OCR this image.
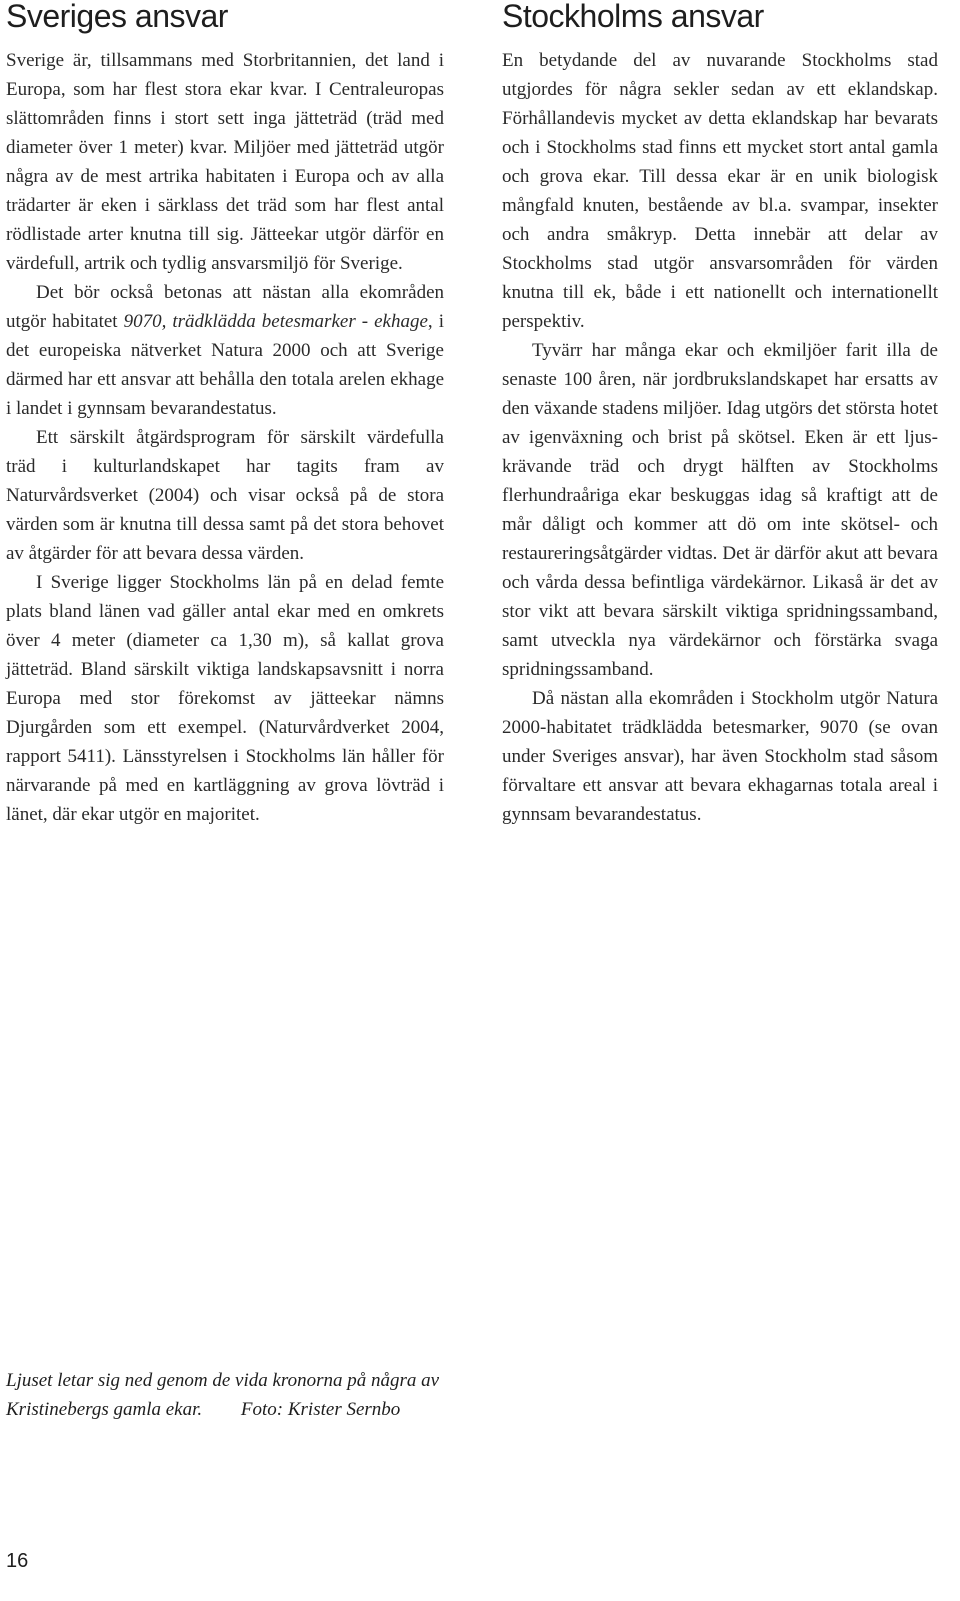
Sveriges ansvar

Sverige är, tillsammans med Storbritannien, det land i Europa, som har flest stora ekar kvar. I Centraleuropas slättområden finns i stort sett inga jätteträd (träd med diameter över 1 meter) kvar. Miljöer med jätteträd utgör några av de mest artrika habitaten i Europa och av alla trädarter är eken i särklass det träd som har flest antal rödlistade arter knutna till sig. Jätteekar utgör därför en värdefull, artrik och tydlig ansvarsmiljö för Sverige.

Det bör också betonas att nästan alla ekområden utgör habitatet 9070, trädklädda betesmarker - ekhage, i det europeiska nätverket Natura 2000 och att Sverige därmed har ett ansvar att behålla den totala arelen ekhage i landet i gynnsam bevarandestatus.

Ett särskilt åtgärdsprogram för särskilt värdefulla träd i kulturlandskapet har tagits fram av Naturvårdsverket (2004) och visar också på de stora värden som är knutna till dessa samt på det stora behovet av åtgärder för att bevara dessa värden.

I Sverige ligger Stockholms län på en delad femte plats bland länen vad gäller antal ekar med en omkrets över 4 meter (diameter ca 1,30 m), så kallat grova jätteträd. Bland särskilt viktiga landskapsavsnitt i norra Europa med stor förekomst av jätteekar nämns Djurgården som ett exempel. (Naturvårdverket 2004, rapport 5411). Länsstyrelsen i Stockholms län håller för närvarande på med en kartläggning av grova lövträd i länet, där ekar utgör en majoritet.

Stockholms ansvar

En betydande del av nuvarande Stockholms stad utgjordes för några sekler sedan av ett eklandskap. Förhållandevis mycket av detta eklandskap har bevarats och i Stockholms stad finns ett mycket stort antal gamla och grova ekar. Till dessa ekar är en unik biologisk mångfald knuten, bestående av bl.a. svampar, insekter och andra småkryp. Detta innebär att delar av Stockholms stad utgör ansvarsområden för värden knutna till ek, både i ett nationellt och internationellt perspektiv.

Tyvärr har många ekar och ekmiljöer farit illa de senaste 100 åren, när jordbrukslandskapet har ersatts av den växande stadens miljöer. Idag utgörs det största hotet av igenväxning och brist på skötsel. Eken är ett ljuskrävande träd och drygt hälften av Stockholms flerhundraåriga ekar beskuggas idag så kraftigt att de mår dåligt och kommer att dö om inte skötsel- och restaureringsåtgärder vidtas. Det är därför akut att bevara och vårda dessa befintliga värdekärnor. Likaså är det av stor vikt att bevara särskilt viktiga spridningssamband, samt utveckla nya värdekärnor och förstärka svaga spridningssamband.

Då nästan alla ekområden i Stockholm utgör Natura 2000-habitatet trädklädda betesmarker, 9070 (se ovan under Sveriges ansvar), har även Stockholm stad såsom förvaltare ett ansvar att bevara ekhagarnas totala areal i gynnsam bevarandestatus.

Ljuset letar sig ned genom de vida kronorna på några av Kristinebergs gamla ekar. Foto: Krister Sernbo
16
